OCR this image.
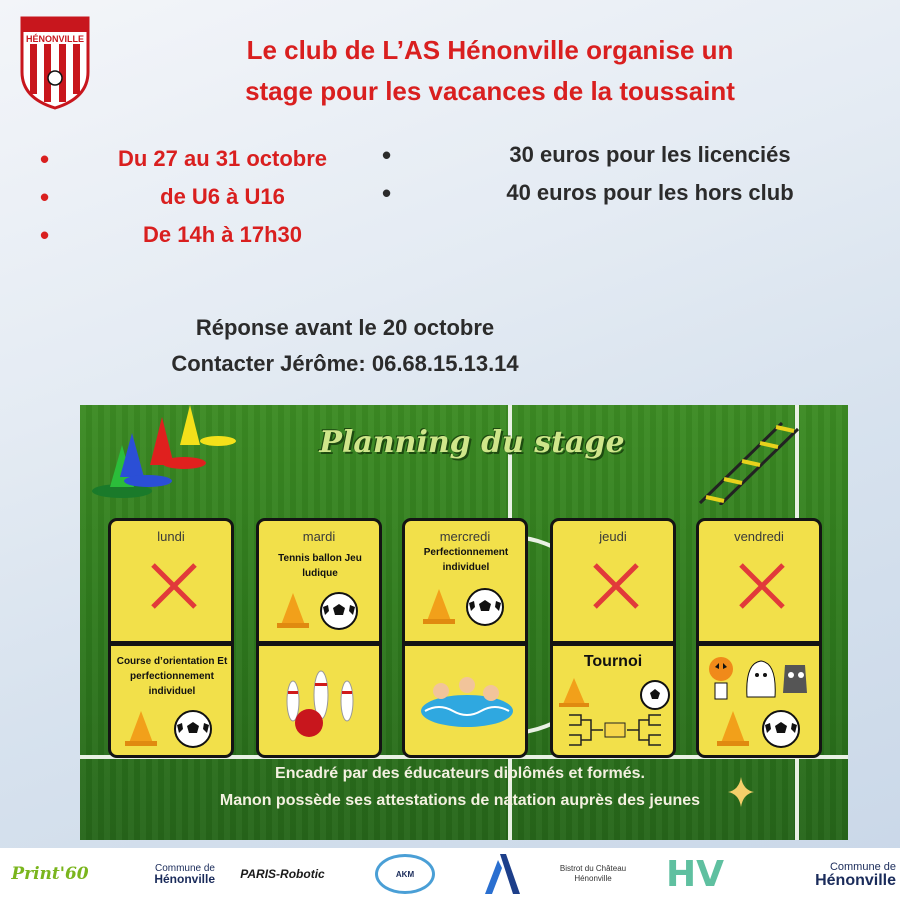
HÉNONVILLE	Le club de L’AS Hénonville organise un
stage pour les vacances de la toussaint
• Du 27 au 31 octobre
• de U6 à U16
• De 14h à 17h30
• 30 euros pour les licenciés
• 40 euros pour les hors club
Réponse avant le 20 octobre
Contacter Jérôme: 06.68.15.13.14
Planning du stage
lundi
Course d’orientation Et perfectionnement individuel
mardi
Tennis ballon Jeu ludique
mercredi
Perfectionnement individuel
jeudi
Tournoi
vendredi
Encadré par des éducateurs diplômés et formés.
Manon possède ses attestations de natation auprès des jeunes
Print'60	Commune de
Hénonville	PARIS-Robotic	AKM
Bistrot du Château
Hénonville HV	Commune de
Hénonville
